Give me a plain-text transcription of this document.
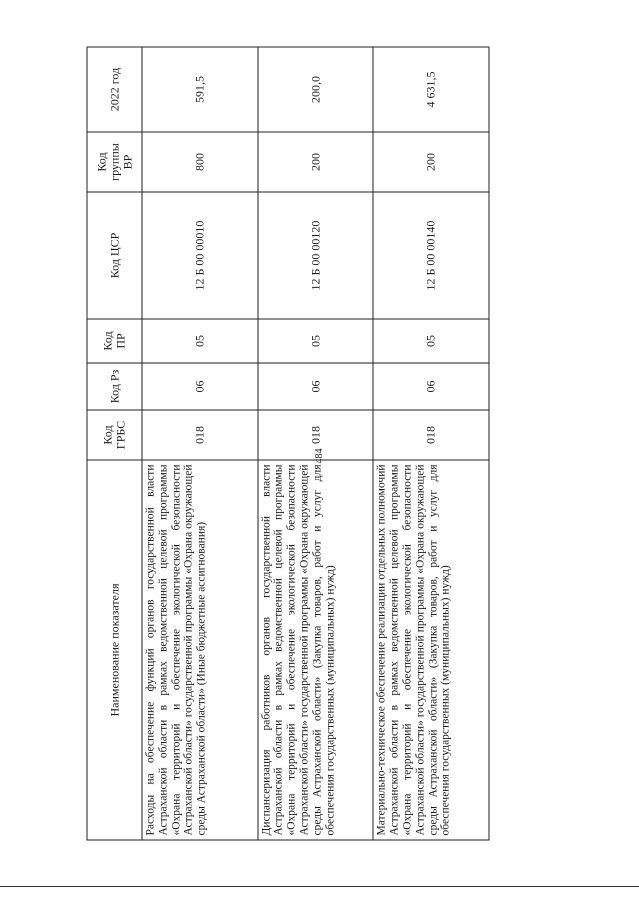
484
Наименование показателя	Код ГРБС	Код Рз	Код ПР	Код ЦСР	Код группы ВР	2022 год
Расходы на обеспечение функций органов государственной власти Астраханской области в рамках ведомственной целевой программы «Охрана территорий и обеспечение экологической безопасности Астраханской области» государственной программы «Охрана окружающей среды Астраханской области» (Иные бюджетные ассигнования)	018	06	05	12 Б 00 00010	800	591,5
Диспансеризация работников органов государственной власти Астраханской области в рамках ведомственной целевой программы «Охрана территорий и обеспечение экологической безопасности Астраханской области» государственной программы «Охрана окружающей среды Астраханской области» (Закупка товаров, работ и услуг для обеспечения государственных (муниципальных) нужд)	018	06	05	12 Б 00 00120	200	200,0
Материально-техническое обеспечение реализации отдельных полномочий Астраханской области в рамках ведомственной целевой программы «Охрана территорий и обеспечение экологической безопасности Астраханской области» государственной программы «Охрана окружающей среды Астраханской области» (Закупка товаров, работ и услуг для обеспечения государственных (муниципальных) нужд)	018	06	05	12 Б 00 00140	200	4 631,5
